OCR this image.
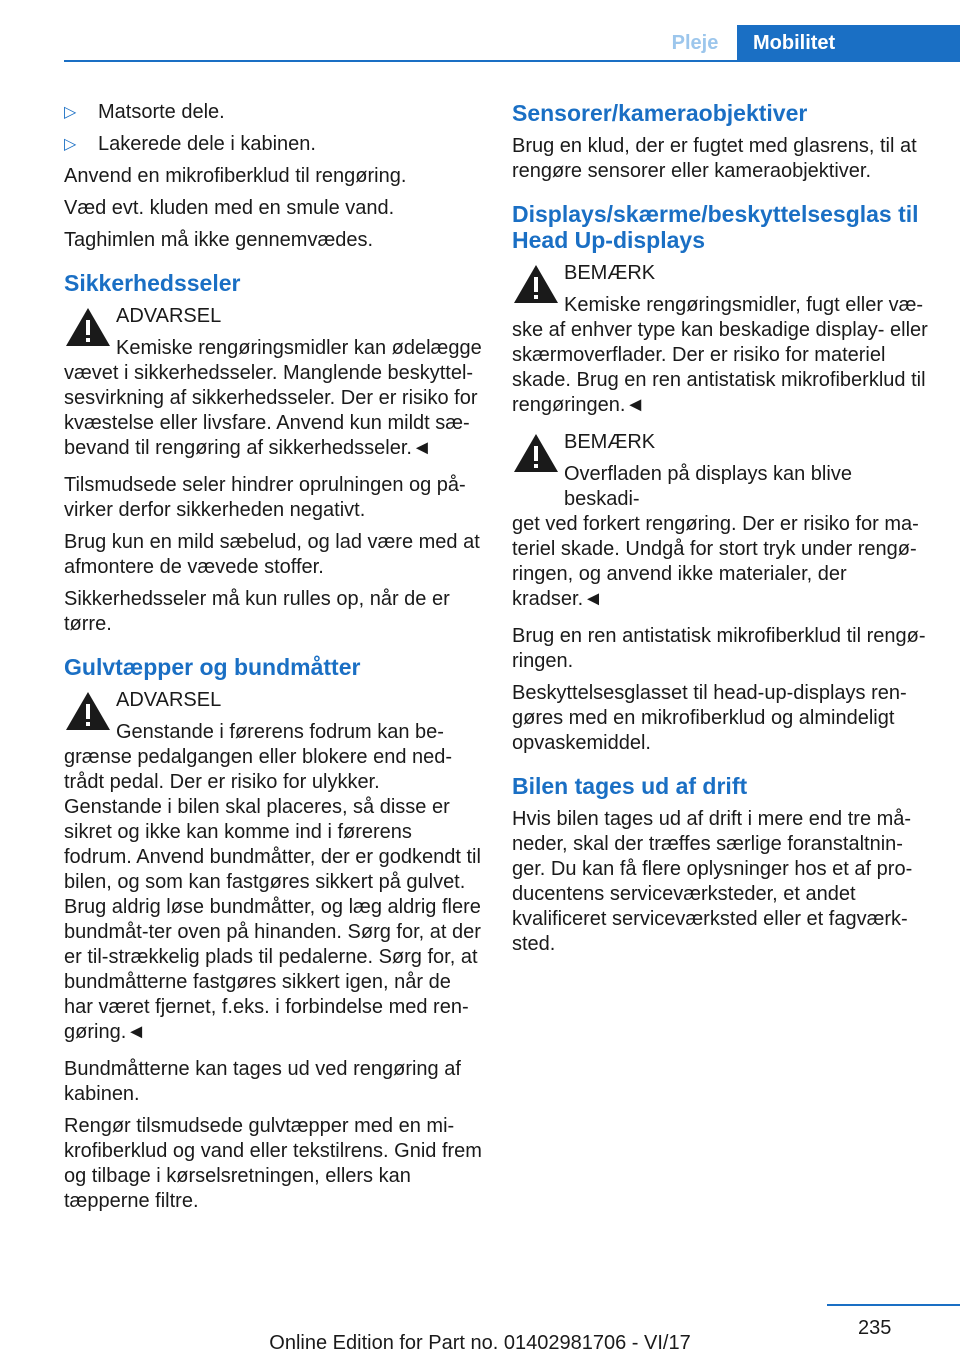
Pleje	Mobilitet
▷	Matsorte dele.
▷	Lakerede dele i kabinen.

Anvend en mikrofiberklud til rengøring.

Væd evt. kluden med en smule vand.

Taghimlen må ikke gennemvædes.

Sikkerhedsseler
ADVARSEL
Kemiske rengøringsmidler kan ødelægge
vævet i sikkerhedsseler. Manglende beskyttel-sesvirkning af sikkerhedsseler. Der er risiko for kvæstelse eller livsfare. Anvend kun mildt sæ-bevand til rengøring af sikkerhedsseler.◄

Tilsmudsede seler hindrer oprulningen og på-virker derfor sikkerheden negativt.

Brug kun en mild sæbelud, og lad være med at afmontere de vævede stoffer.

Sikkerhedsseler må kun rulles op, når de er tørre.

Gulvtæpper og bundmåtter
ADVARSEL
Genstande i førerens fodrum kan be-
grænse pedalgangen eller blokere end ned-trådt pedal. Der er risiko for ulykker. Genstande i bilen skal placeres, så disse er sikret og ikke kan komme ind i førerens fodrum. Anvend bundmåtter, der er godkendt til bilen, og som kan fastgøres sikkert på gulvet. Brug aldrig løse bundmåtter, og læg aldrig flere bundmåt-ter oven på hinanden. Sørg for, at der er til-strækkelig plads til pedalerne. Sørg for, at bundmåtterne fastgøres sikkert igen, når de har været fjernet, f.eks. i forbindelse med ren-gøring.◄

Bundmåtterne kan tages ud ved rengøring af kabinen.

Rengør tilsmudsede gulvtæpper med en mi-krofiberklud og vand eller tekstilrens. Gnid frem og tilbage i kørselsretningen, ellers kan tæpperne filtre.

Sensorer/kameraobjektiver

Brug en klud, der er fugtet med glasrens, til at rengøre sensorer eller kameraobjektiver.

Displays/skærme/beskyttelsesglas til Head Up-displays
BEMÆRK
Kemiske rengøringsmidler, fugt eller væ-
ske af enhver type kan beskadige display- eller skærmoverflader. Der er risiko for materiel skade. Brug en ren antistatisk mikrofiberklud til rengøringen.◄
BEMÆRK
Overfladen på displays kan blive beskadi-
get ved forkert rengøring. Der er risiko for ma-teriel skade. Undgå for stort tryk under rengø-ringen, og anvend ikke materialer, der kradser.◄

Brug en ren antistatisk mikrofiberklud til rengø-ringen.

Beskyttelsesglasset til head-up-displays ren-gøres med en mikrofiberklud og almindeligt opvaskemiddel.

Bilen tages ud af drift

Hvis bilen tages ud af drift i mere end tre må-neder, skal der træffes særlige foranstaltnin-ger. Du kan få flere oplysninger hos et af pro-ducentens serviceværksteder, et andet kvalificeret serviceværksted eller et fagværk-sted.

235
Online Edition for Part no. 01402981706 - VI/17
